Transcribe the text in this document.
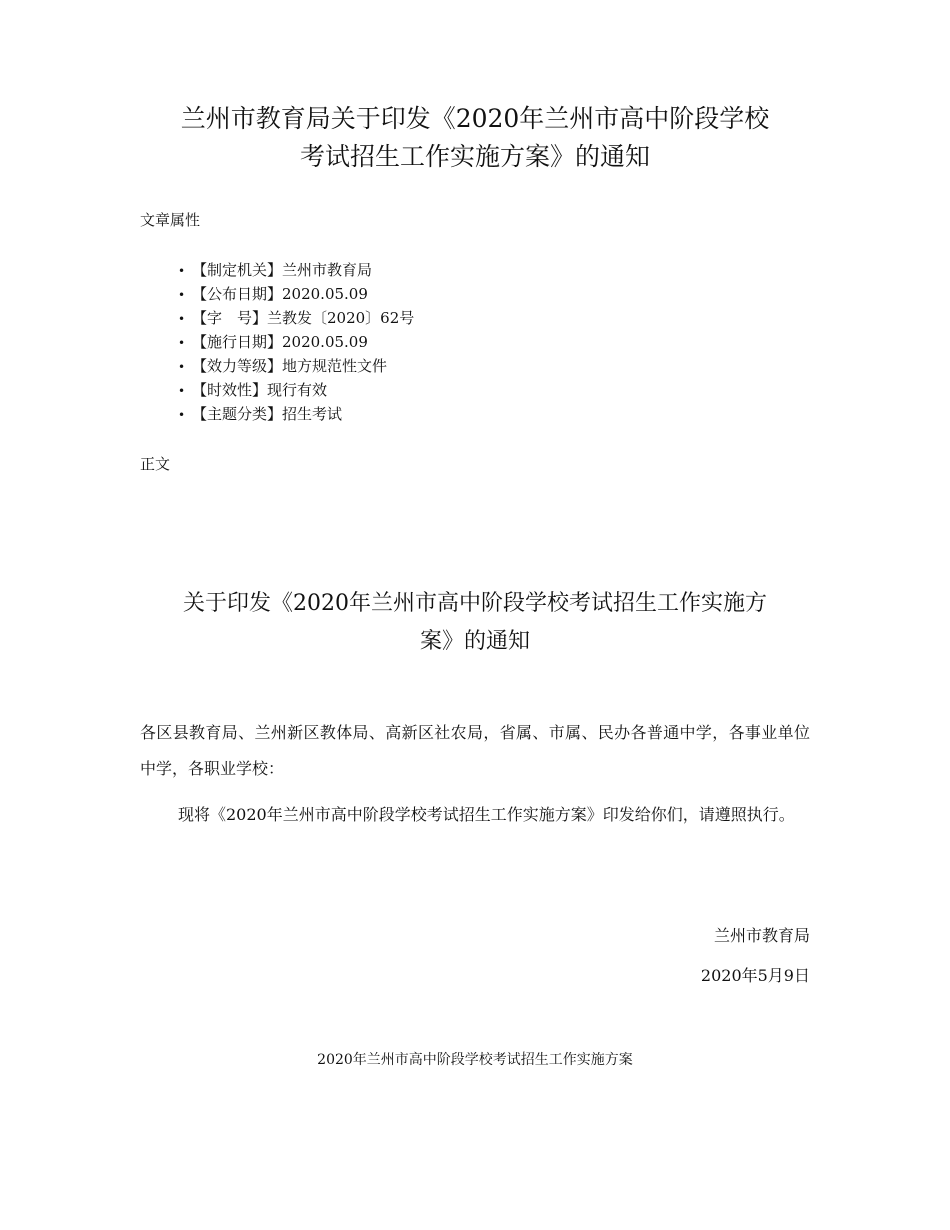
兰州市教育局关于印发《2020年兰州市高中阶段学校
考试招生工作实施方案》的通知

文章属性

• 【制定机关】兰州市教育局
• 【公布日期】2020.05.09
• 【字　号】兰教发〔2020〕62号
• 【施行日期】2020.05.09
• 【效力等级】地方规范性文件
• 【时效性】现行有效
• 【主题分类】招生考试

正文

关于印发《2020年兰州市高中阶段学校考试招生工作实施方
案》的通知

各区县教育局、兰州新区教体局、高新区社农局，省属、市属、民办各普通中学，各事业单位中学，各职业学校：

现将《2020年兰州市高中阶段学校考试招生工作实施方案》印发给你们，请遵照执行。

兰州市教育局

2020年5月9日

2020年兰州市高中阶段学校考试招生工作实施方案
